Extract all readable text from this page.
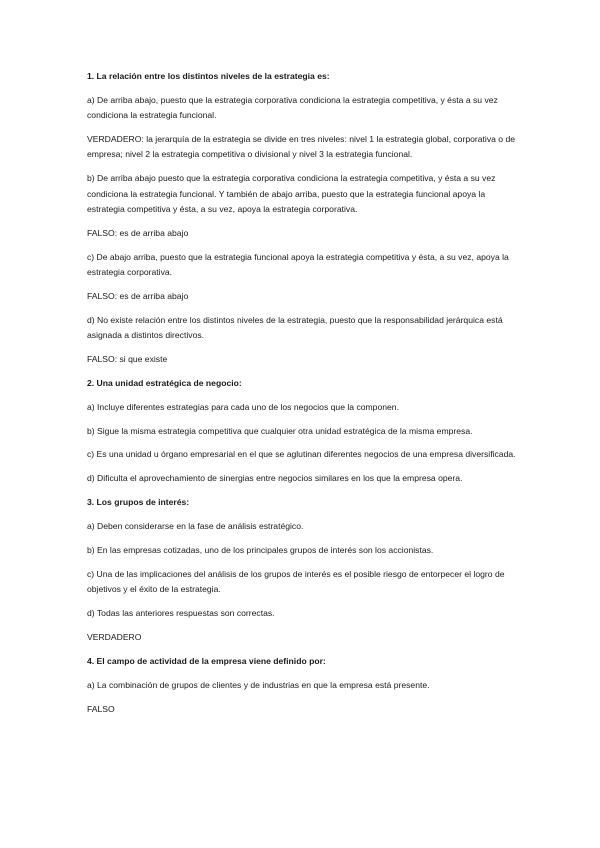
1. La relación entre los distintos niveles de la estrategia es:

a) De arriba abajo, puesto que la estrategia corporativa condiciona la estrategia competitiva, y ésta a su vez condiciona la estrategia funcional.

VERDADERO: la jerarquía de la estrategia se divide en tres niveles: nivel 1 la estrategia global, corporativa o de empresa; nivel 2 la estrategia competitiva o divisional y nivel 3 la estrategia funcional.

b) De arriba abajo puesto que la estrategia corporativa condiciona la estrategia competitiva, y ésta a su vez condiciona la estrategia funcional. Y también de abajo arriba, puesto que la estrategia funcional apoya la estrategia competitiva y ésta, a su vez, apoya la estrategia corporativa.

FALSO: es de arriba abajo

c) De abajo arriba, puesto que la estrategia funcional apoya la estrategia competitiva y ésta, a su vez, apoya la estrategia corporativa.

FALSO: es de arriba abajo

d) No existe relación entre los distintos niveles de la estrategia, puesto que la responsabilidad jerárquica está asignada a distintos directivos.

FALSO: si que existe

2. Una unidad estratégica de negocio:

a) Incluye diferentes estrategias para cada uno de los negocios que la componen.

b) Sigue la misma estrategia competitiva que cualquier otra unidad estratégica de la misma empresa.

c) Es una unidad u órgano empresarial en el que se aglutinan diferentes negocios de una empresa diversificada.

d) Dificulta el aprovechamiento de sinergias entre negocios similares en los que la empresa opera.

3. Los grupos de interés:

a) Deben considerarse en la fase de análisis estratégico.

b) En las empresas cotizadas, uno de los principales grupos de interés son los accionistas.

c) Una de las implicaciones del análisis de los grupos de interés es el posible riesgo de entorpecer el logro de objetivos y el éxito de la estrategia.

d) Todas las anteriores respuestas son correctas.

VERDADERO

4. El campo de actividad de la empresa viene definido por:

a) La combinación de grupos de clientes y de industrias en que la empresa está presente.

FALSO
